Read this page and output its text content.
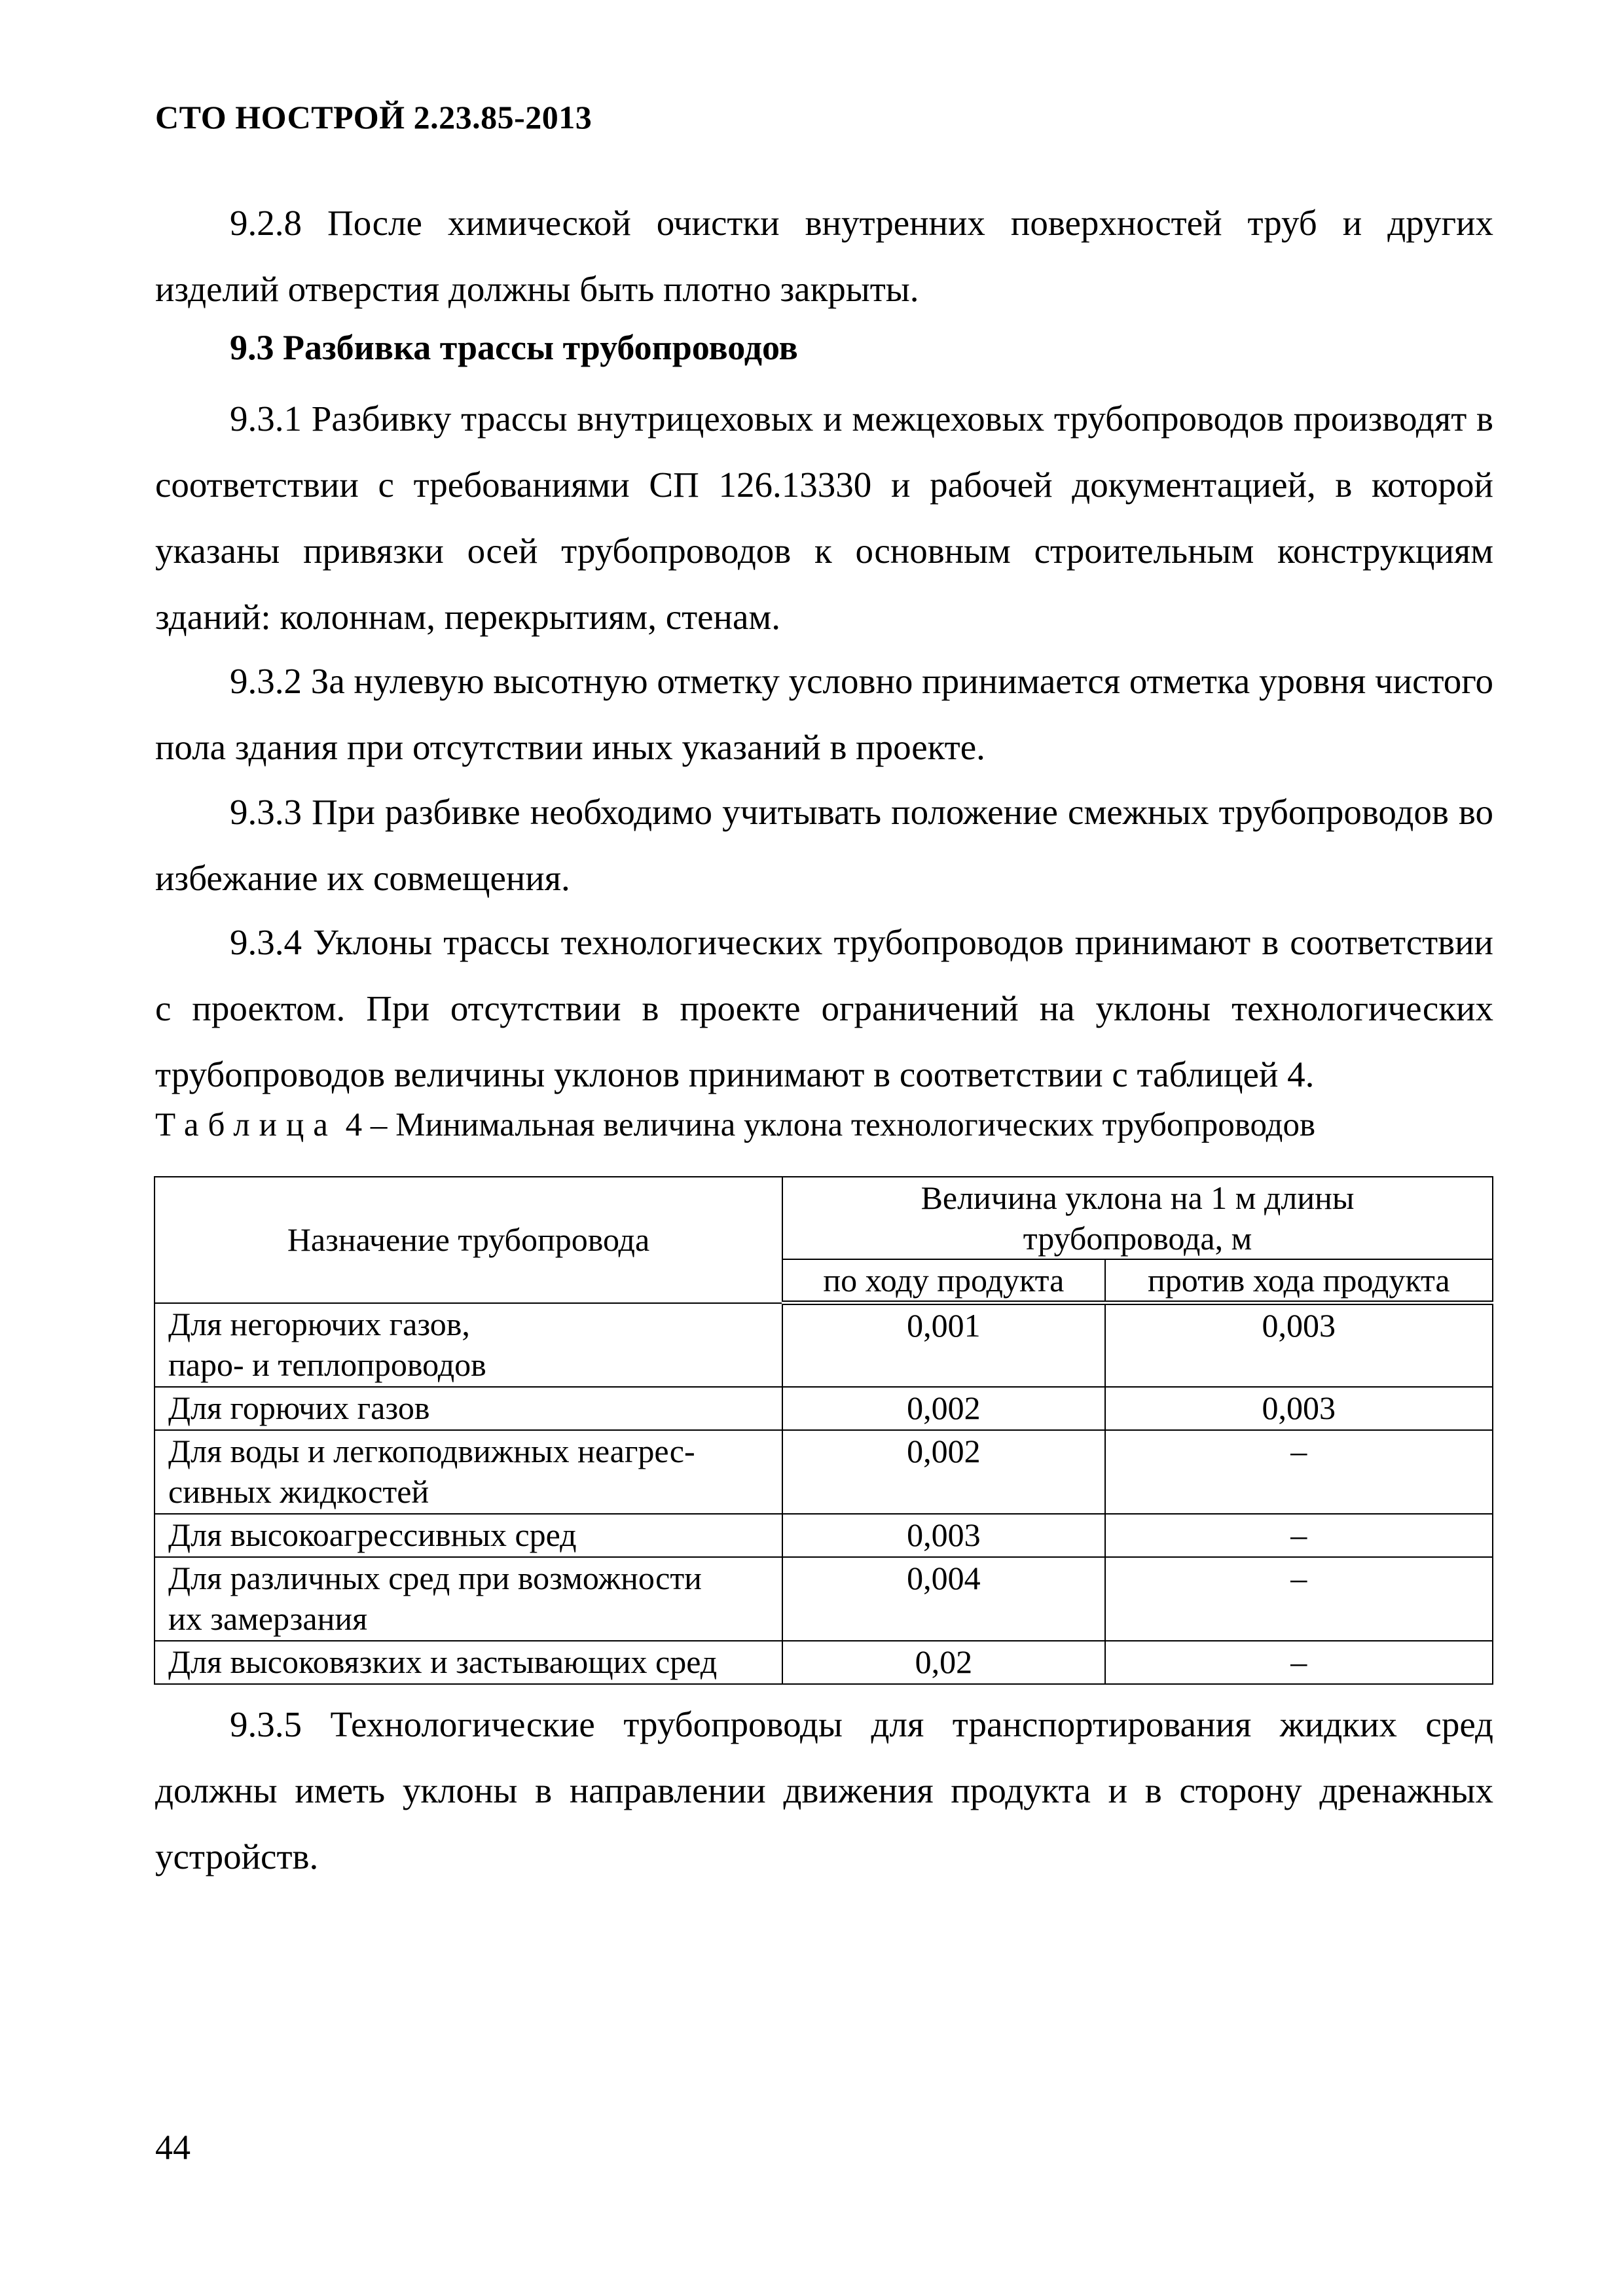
СТО НОСТРОЙ 2.23.85-2013

9.2.8 После химической очистки внутренних поверхностей труб и других изделий отверстия должны быть плотно закрыты.

9.3 Разбивка трассы трубопроводов

9.3.1 Разбивку трассы внутрицеховых и межцеховых трубопроводов производят в соответствии с требованиями СП 126.13330 и рабочей документацией, в которой указаны привязки осей трубопроводов к основным строительным конструкциям зданий: колоннам, перекрытиям, стенам.

9.3.2 За нулевую высотную отметку условно принимается отметка уровня чистого пола здания при отсутствии иных указаний в проекте.

9.3.3 При разбивке необходимо учитывать положение смежных трубопроводов во избежание их совмещения.

9.3.4 Уклоны трассы технологических трубопроводов принимают в соответствии с проектом. При отсутствии в проекте ограничений на уклоны технологических трубопроводов величины уклонов принимают в соответствии с таблицей 4.

Таблица 4 – Минимальная величина уклона технологических трубопроводов
Назначение трубопровода	Величина уклона на 1 м длины трубопровода, м	
	по ходу продукта	против хода продукта

Для негорючих газов,
паро- и теплопроводов	0,001	0,003

Для горючих газов	0,002	0,003

Для воды и легкоподвижных неагрес-
сивных жидкостей	0,002	–

Для высокоагрессивных сред	0,003	–

Для различных сред при возможности
их замерзания	0,004	–

Для высоковязких и застывающих сред	0,02	–

9.3.5 Технологические трубопроводы для транспортирования жидких сред должны иметь уклоны в направлении движения продукта и в сторону дренажных устройств.

44
